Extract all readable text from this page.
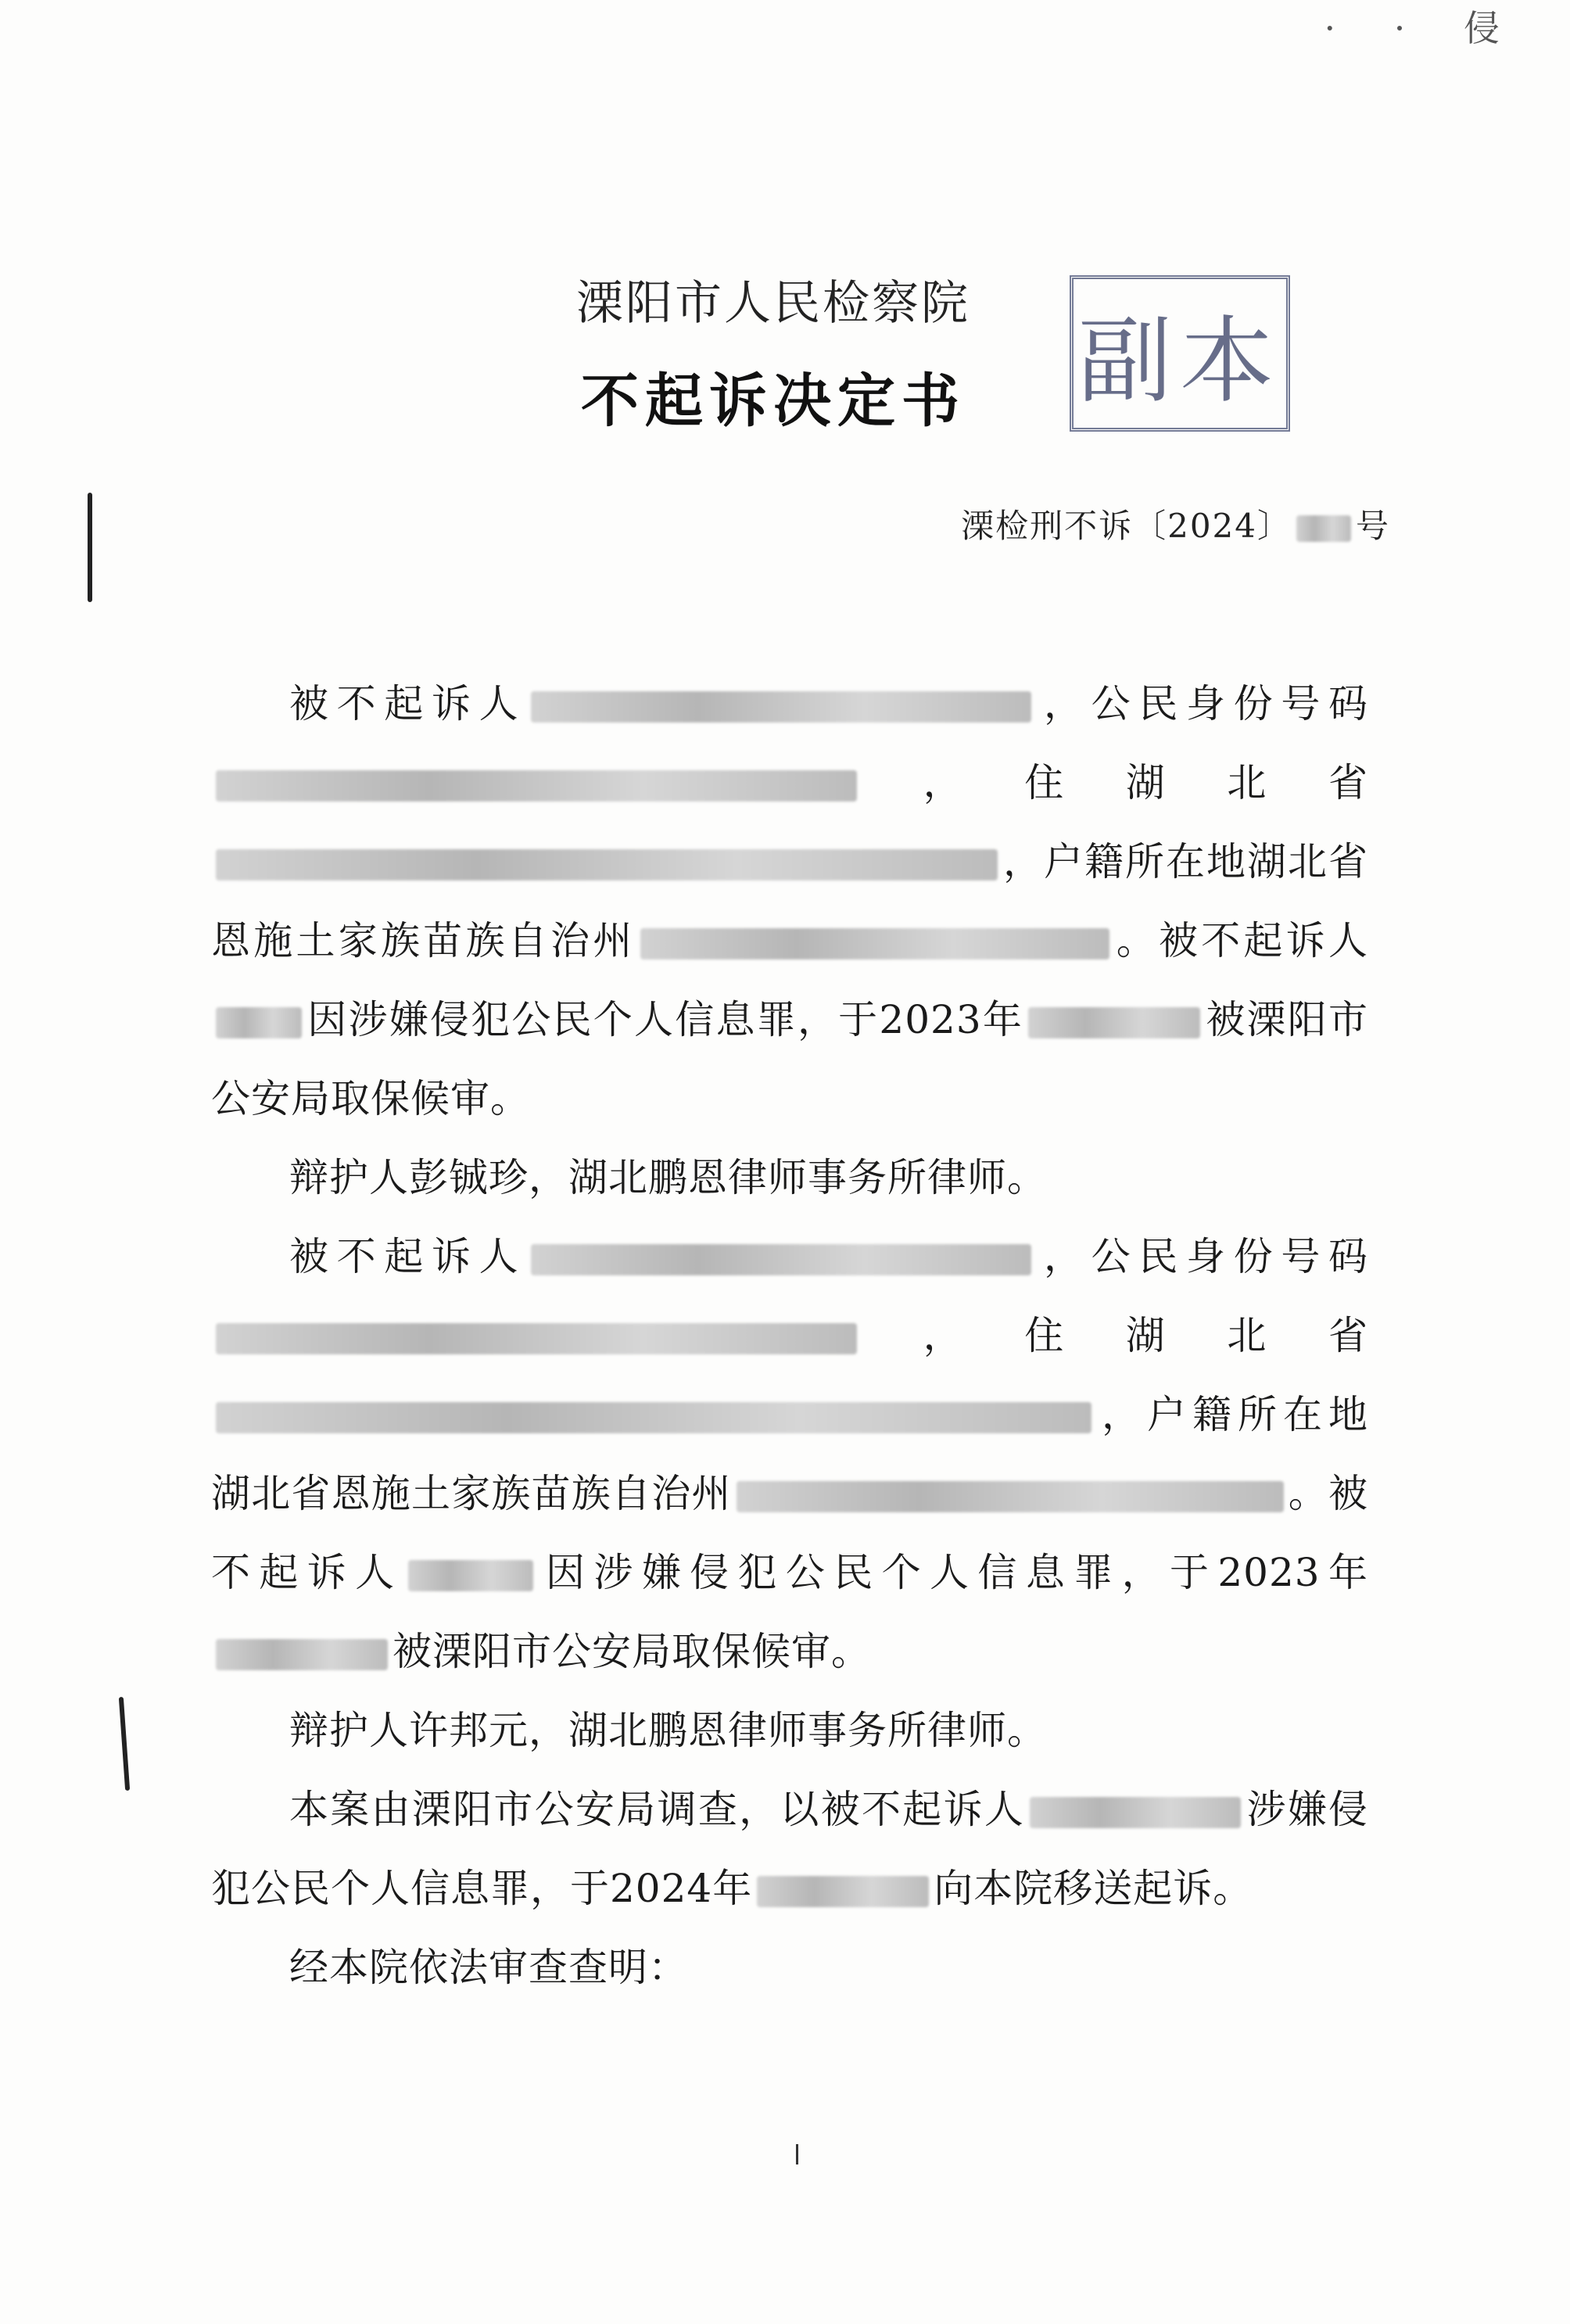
· · 侵
溧阳市人民检察院
不起诉决定书	副本
溧检刑不诉〔2024〕 号

被不起诉人	，公民身份号码，住湖北省，户籍所在地湖北省恩施土家族苗族自治州	。被不起诉人因涉嫌侵犯公民个人信息罪，于2023年	被溧阳市公安局取保候审。

辩护人彭铖珍，湖北鹏恩律师事务所律师。

被不起诉人	，公民身份号码，住湖北省，户籍所在地湖北省恩施土家族苗族自治州	。被不起诉人	因涉嫌侵犯公民个人信息罪，于2023年被溧阳市公安局取保候审。

辩护人许邦元，湖北鹏恩律师事务所律师。

本案由溧阳市公安局调查，以被不起诉人	涉嫌侵犯公民个人信息罪，于2024年	向本院移送起诉。

经本院依法审查查明：
